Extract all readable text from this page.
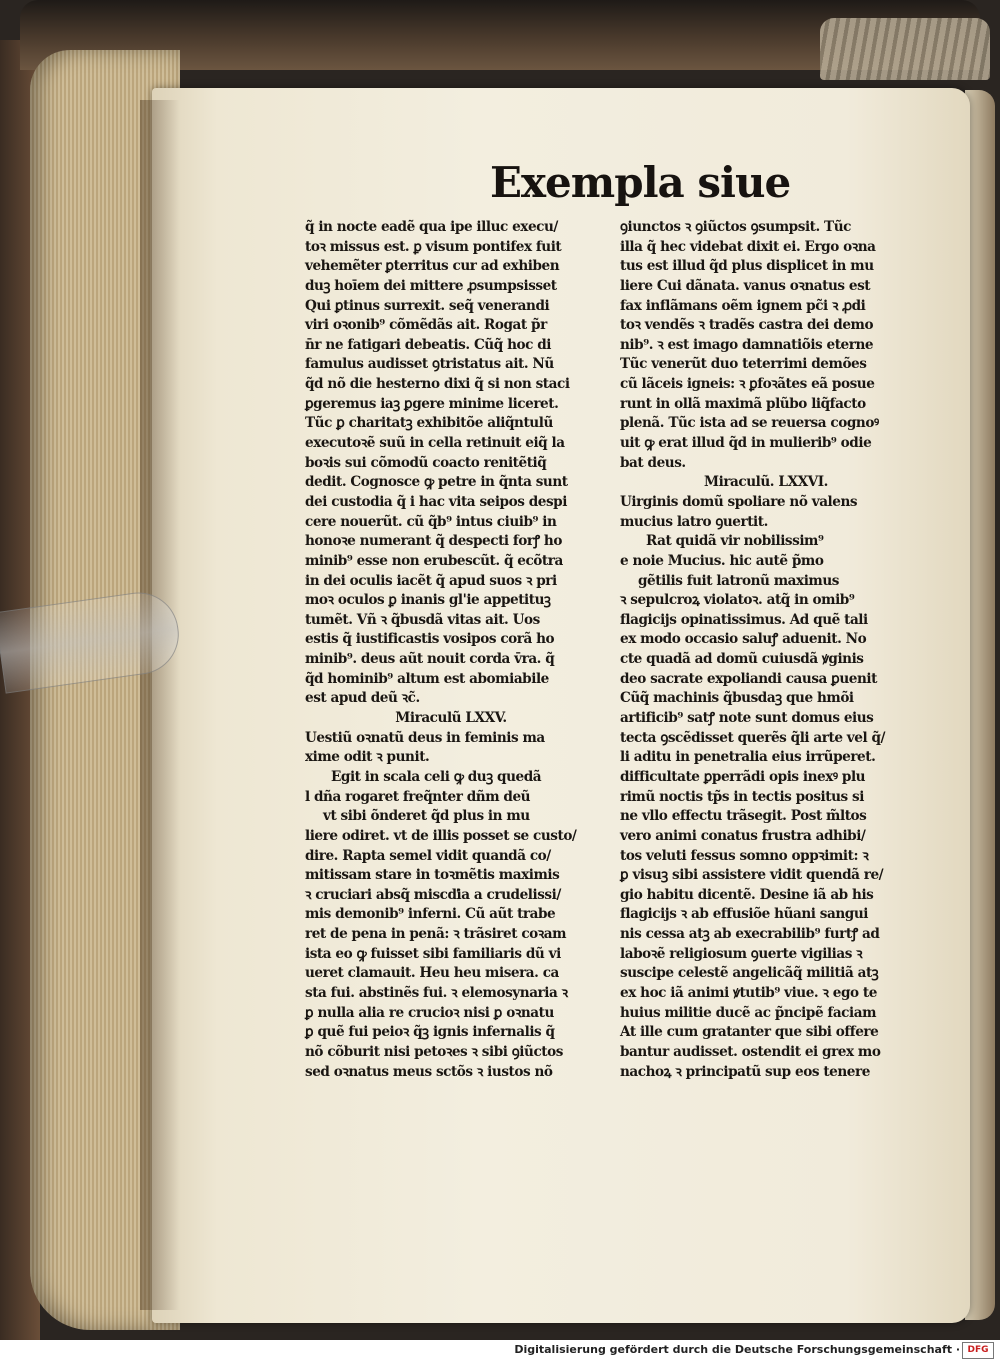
Exempla siue
q̃ in nocte eadẽ qua ipe illuc execu/
toꝛ missus est. ꝑ visum pontifex fuit
vehemẽter ꝑterritus cur ad exhiben
duꝫ hoīem dei mittere ꝓsumpsisset
Qui ꝑtinus surrexit. seq̃ venerandi
viri oꝛonib⁹ cõmẽdãs ait. Rogat p̃r
n̄r ne fatigari debeatis. Cũq̃ hoc di
famulus audisset ꝯtristatus ait. Nũ
q̃d nõ die hesterno dixi q̃ si non staci
ꝑgeremus iaꝫ ꝑgere minime liceret.
Tũc ꝑ charitatꝫ exhibitõe aliq̃ntulũ
executoꝛẽ suũ in cella retinuit eiq̃ la
boꝛis sui cõmodũ coacto renitẽtiq̃
dedit. Cognosce ꝙ petre in q̃nta sunt
dei custodia q̃ i hac vita seipos despi
cere nouerũt. cũ q̃b⁹ intus ciuib⁹ in
honoꝛe numerant q̃ despecti forꝭ ho
minib⁹ esse non erubescũt. q̃ ecõtra
in dei oculis iacẽt q̃ apud suos ꝛ pri
moꝛ oculos ꝑ inanis gl'ie appetituꝫ
tumẽt. Vñ ꝛ q̃busdã vitas ait. Uos
estis q̃ iustificastis vosipos corã ho
minib⁹. deus aũt nouit corda v̄ra. q̃
q̃d hominib⁹ altum est abomiabile
est apud deũ ꝛc̃.
Miraculũ LXXV.
Uestiũ oꝛnatũ deus in feminis ma
xime odit ꝛ punit.
Egit in scala celi ꝙ duꝫ quedã
l dña rogaret freq̃nter dñm deũ
vt sibi õnderet q̃d plus in mu
liere odiret. vt de illis posset se custo/
dire. Rapta semel vidit quandã co/
mitissam stare in toꝛmẽtis maximis
ꝛ cruciari absq̃ miscďia a crudelissi/
mis demonib⁹ inferni. Cũ aũt trabe
ret de pena in penã: ꝛ trãsiret coꝛam
ista eo ꝙ fuisset sibi familiaris dũ vi
ueret clamauit. Heu heu misera. ca
sta fui. abstinẽs fui. ꝛ elemosynaria ꝛ
ꝑ nulla alia re crucioꝛ nisi ꝑ oꝛnatu
ꝑ quẽ fui peioꝛ q̃ꝫ ignis infernalis q̃
nõ cõburit nisi petoꝛes ꝛ sibi ꝯiũctos
sed oꝛnatus meus sctõs ꝛ iustos nõ
ꝯiunctos ꝛ ꝯiũctos ꝯsumpsit. Tũc
illa q̃ hec videbat dixit ei. Ergo oꝛna
tus est illud q̃d plus displicet in mu
liere Cui dãnata. vanus oꝛnatus est
fax inflãmans oẽm ignem pc̃i ꝛ ꝓdi
toꝛ vendẽs ꝛ tradẽs castra dei demo
nib⁹. ꝛ est imago damnatiõis eterne
Tũc venerũt duo teterrimi demões
cũ lãceis igneis: ꝛ ꝑfoꝛãtes eã posue
runt in ollã maximã plũbo liq̃facto
plenã. Tũc ista ad se reuersa cognoꝰ
uit ꝙ erat illud q̃d in mulierib⁹ odie
bat deus.
Miraculũ. LXXVI.
Uirginis domũ spoliare nõ valens
mucius latro ꝯuertit.
Rat quidã vir nobilissim⁹
e noie Mucius. hic autẽ p̃mo
gẽtilis fuit latronũ maximus
ꝛ sepulcroꝝ violatoꝛ. atq̃ in omib⁹
flagicijs opinatissimus. Ad quẽ tali
ex modo occasio saluꝭ aduenit. No
cte quadã ad domũ cuiusdã ꝟginis
deo sacrate expoliandi causa ꝑuenit
Cũq̃ machinis q̃busdaꝫ que hmõi
artificib⁹ satꝭ note sunt domus eius
tecta ꝯscẽdisset querẽs q̃li arte vel q̃/
li aditu in penetralia eius irrũperet.
difficultate ꝑperrãdi opis inexꝰ plu
rimũ noctis tp̃s in tectis positus si
ne vllo effectu trãsegit. Post m̃ltos
vero animi conatus frustra adhibi/
tos veluti fessus somno oppꝛimit: ꝛ
ꝑ visuꝫ sibi assistere vidit quendã re/
gio habitu dicentẽ. Desine iã ab his
flagicijs ꝛ ab effusiõe hũani sangui
nis cessa atꝫ ab execrabilib⁹ furtꝭ ad
laboꝛẽ religiosum ꝯuerte vigilias ꝛ
suscipe celestẽ angelicãq̃ militiã atꝫ
ex hoc iã animi ꝟtutib⁹ viue. ꝛ ego te
huius militie ducẽ ac p̃ncipẽ faciam
At ille cum gratanter que sibi offere
bantur audisset. ostendit ei grex mo
nachoꝝ ꝛ principatũ sup eos tenere
Digitalisierung gefördert durch die Deutsche Forschungsgemeinschaft · DFG
